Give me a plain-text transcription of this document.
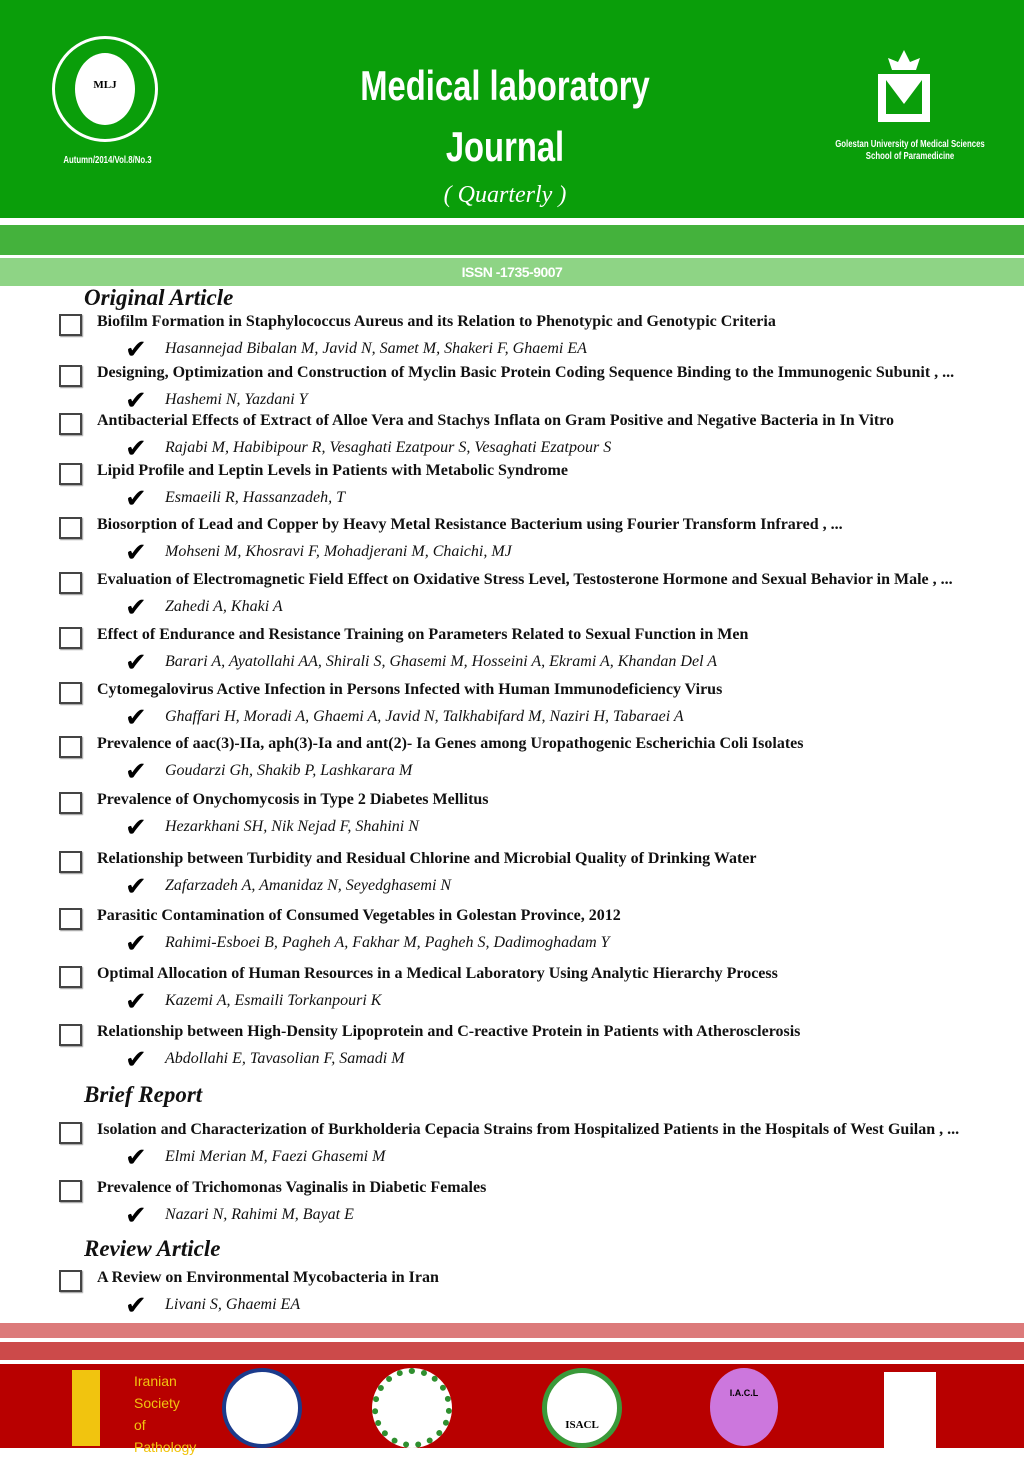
MLJ	Medical laboratory
Journal
( Quarterly )
Autumn/2014/Vol.8/No.3
Golestan University of Medical Sciences
School of Paramedicine
ISSN -1735-9007
Original Article
Biofilm Formation in Staphylococcus Aureus and its Relation to Phenotypic and Genotypic Criteria
✔ Hasannejad Bibalan M, Javid N, Samet M, Shakeri F, Ghaemi EA
Designing, Optimization and Construction of Myclin Basic Protein Coding Sequence Binding to the Immunogenic Subunit , ...
✔ Hashemi N, Yazdani Y
Antibacterial Effects of Extract of Alloe Vera and Stachys Inflata on Gram Positive and Negative Bacteria in In Vitro
✔ Rajabi M, Habibipour R, Vesaghati Ezatpour S, Vesaghati Ezatpour S
Lipid Profile and Leptin Levels in Patients with Metabolic Syndrome
✔ Esmaeili R, Hassanzadeh, T
Biosorption of Lead and Copper by Heavy Metal Resistance Bacterium using Fourier Transform Infrared , ...
✔ Mohseni M, Khosravi F, Mohadjerani M, Chaichi, MJ
Evaluation of Electromagnetic Field Effect on Oxidative Stress Level, Testosterone Hormone and Sexual Behavior in Male , ...
✔ Zahedi A, Khaki A
Effect of Endurance and Resistance Training on Parameters Related to Sexual Function in Men
✔ Barari A, Ayatollahi AA, Shirali S, Ghasemi M, Hosseini A, Ekrami A, Khandan Del A
Cytomegalovirus Active Infection in Persons Infected with Human Immunodeficiency Virus
✔ Ghaffari H, Moradi A, Ghaemi A, Javid N, Talkhabifard M, Naziri H, Tabaraei A
Prevalence of aac(3)-IIa, aph(3)-Ia and ant(2)- Ia Genes among Uropathogenic Escherichia Coli Isolates
✔ Goudarzi Gh, Shakib P, Lashkarara M
Prevalence of Onychomycosis in Type 2 Diabetes Mellitus
✔ Hezarkhani SH, Nik Nejad F, Shahini N
Relationship between Turbidity and Residual Chlorine and Microbial Quality of Drinking Water
✔ Zafarzadeh A, Amanidaz N, Seyedghasemi N
Parasitic Contamination of Consumed Vegetables in Golestan Province, 2012
✔ Rahimi-Esboei B, Pagheh A, Fakhar M, Pagheh S, Dadimoghadam Y
Optimal Allocation of Human Resources in a Medical Laboratory Using Analytic Hierarchy Process
✔ Kazemi A, Esmaili Torkanpouri K
Relationship between High-Density Lipoprotein and C-reactive Protein in Patients with Atherosclerosis
✔ Abdollahi E, Tavasolian F, Samadi M
Brief Report
Isolation and Characterization of Burkholderia Cepacia Strains from Hospitalized Patients in the Hospitals of West Guilan , ...
✔ Elmi Merian M, Faezi Ghasemi M
Prevalence of Trichomonas Vaginalis in Diabetic Females
✔ Nazari N, Rahimi M, Bayat E
Review Article
A Review on Environmental Mycobacteria in Iran
✔ Livani S, Ghaemi EA
Iranian Society of Pathology
ISACL
I.A.C.L
